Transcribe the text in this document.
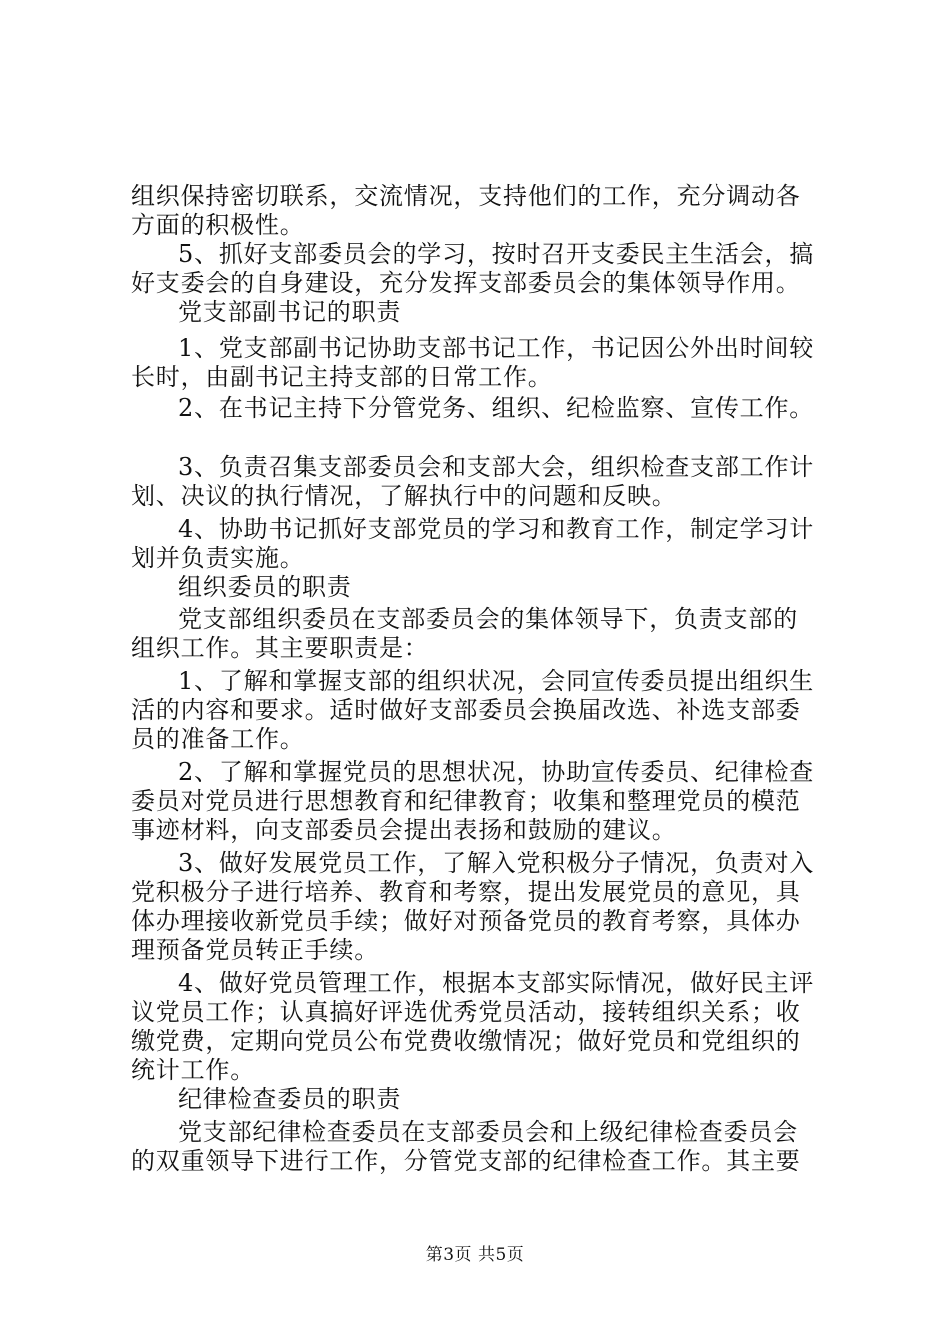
组织保持密切联系，交流情况，支持他们的工作，充分调动各
方面的积极性。
5、抓好支部委员会的学习，按时召开支委民主生活会，搞
好支委会的自身建设，充分发挥支部委员会的集体领导作用。
党支部副书记的职责
1、党支部副书记协助支部书记工作，书记因公外出时间较
长时，由副书记主持支部的日常工作。
2、在书记主持下分管党务、组织、纪检监察、宣传工作。
3、负责召集支部委员会和支部大会，组织检查支部工作计
划、决议的执行情况，了解执行中的问题和反映。
4、协助书记抓好支部党员的学习和教育工作，制定学习计
划并负责实施。
组织委员的职责
党支部组织委员在支部委员会的集体领导下，负责支部的
组织工作。其主要职责是：
1、了解和掌握支部的组织状况，会同宣传委员提出组织生
活的内容和要求。适时做好支部委员会换届改选、补选支部委
员的准备工作。
2、了解和掌握党员的思想状况，协助宣传委员、纪律检查
委员对党员进行思想教育和纪律教育；收集和整理党员的模范
事迹材料，向支部委员会提出表扬和鼓励的建议。
3、做好发展党员工作，了解入党积极分子情况，负责对入
党积极分子进行培养、教育和考察，提出发展党员的意见，具
体办理接收新党员手续；做好对预备党员的教育考察，具体办
理预备党员转正手续。
4、做好党员管理工作，根据本支部实际情况，做好民主评
议党员工作；认真搞好评选优秀党员活动，接转组织关系；收
缴党费，定期向党员公布党费收缴情况；做好党员和党组织的
统计工作。
纪律检查委员的职责
党支部纪律检查委员在支部委员会和上级纪律检查委员会
的双重领导下进行工作，分管党支部的纪律检查工作。其主要
第3页 共5页
